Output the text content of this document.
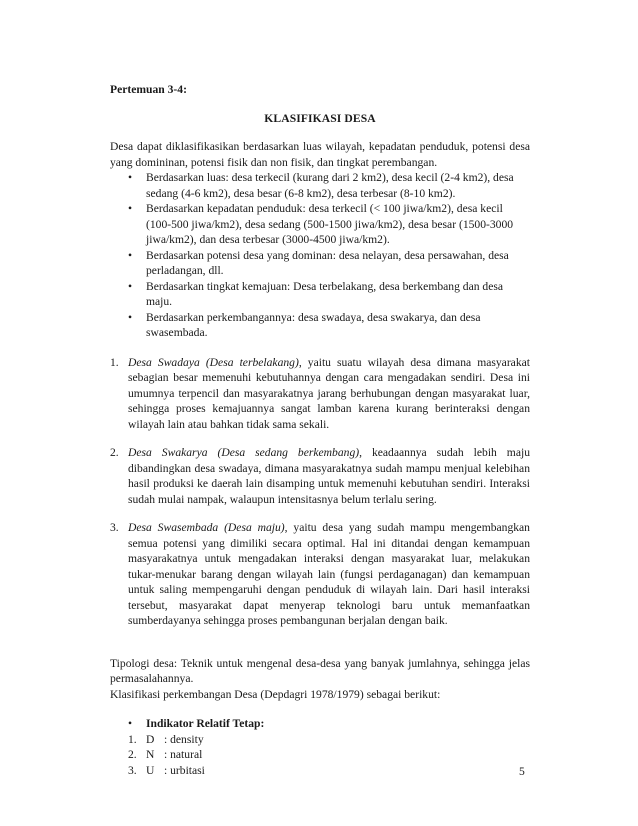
Pertemuan 3-4:

KLASIFIKASI DESA

Desa dapat diklasifikasikan berdasarkan luas wilayah, kepadatan penduduk, potensi desa yang domininan, potensi fisik dan non fisik, dan tingkat perembangan.

• Berdasarkan luas: desa terkecil (kurang dari 2 km2), desa kecil (2-4 km2), desa sedang (4-6 km2), desa besar (6-8 km2), desa terbesar (8-10 km2).
• Berdasarkan kepadatan penduduk: desa terkecil (< 100 jiwa/km2), desa kecil (100-500 jiwa/km2), desa sedang (500-1500 jiwa/km2), desa besar (1500-3000 jiwa/km2), dan desa terbesar (3000-4500 jiwa/km2).
• Berdasarkan potensi desa yang dominan: desa nelayan, desa persawahan, desa perladangan, dll.
• Berdasarkan tingkat kemajuan: Desa terbelakang, desa berkembang dan desa maju.
• Berdasarkan perkembangannya: desa swadaya, desa swakarya, dan desa swasembada.
1. Desa Swadaya (Desa terbelakang), yaitu suatu wilayah desa dimana masyarakat sebagian besar memenuhi kebutuhannya dengan cara mengadakan sendiri. Desa ini umumnya terpencil dan masyarakatnya jarang berhubungan dengan masyarakat luar, sehingga proses kemajuannya sangat lamban karena kurang berinteraksi dengan wilayah lain atau bahkan tidak sama sekali.
2. Desa Swakarya (Desa sedang berkembang), keadaannya sudah lebih maju dibandingkan desa swadaya, dimana masyarakatnya sudah mampu menjual kelebihan hasil produksi ke daerah lain disamping untuk memenuhi kebutuhan sendiri. Interaksi sudah mulai nampak, walaupun intensitasnya belum terlalu sering.
3. Desa Swasembada (Desa maju), yaitu desa yang sudah mampu mengembangkan semua potensi yang dimiliki secara optimal. Hal ini ditandai dengan kemampuan masyarakatnya untuk mengadakan interaksi dengan masyarakat luar, melakukan tukar-menukar barang dengan wilayah lain (fungsi perdaganagan) dan kemampuan untuk saling mempengaruhi dengan penduduk di wilayah lain. Dari hasil interaksi tersebut, masyarakat dapat menyerap teknologi baru untuk memanfaatkan sumberdayanya sehingga proses pembangunan berjalan dengan baik.

Tipologi desa: Teknik untuk mengenal desa-desa yang banyak jumlahnya, sehingga jelas permasalahannya.

Klasifikasi perkembangan Desa (Depdagri 1978/1979) sebagai berikut:

• Indikator Relatif Tetap:
1. D : density
2. N : natural
3. U : urbitasi	5
